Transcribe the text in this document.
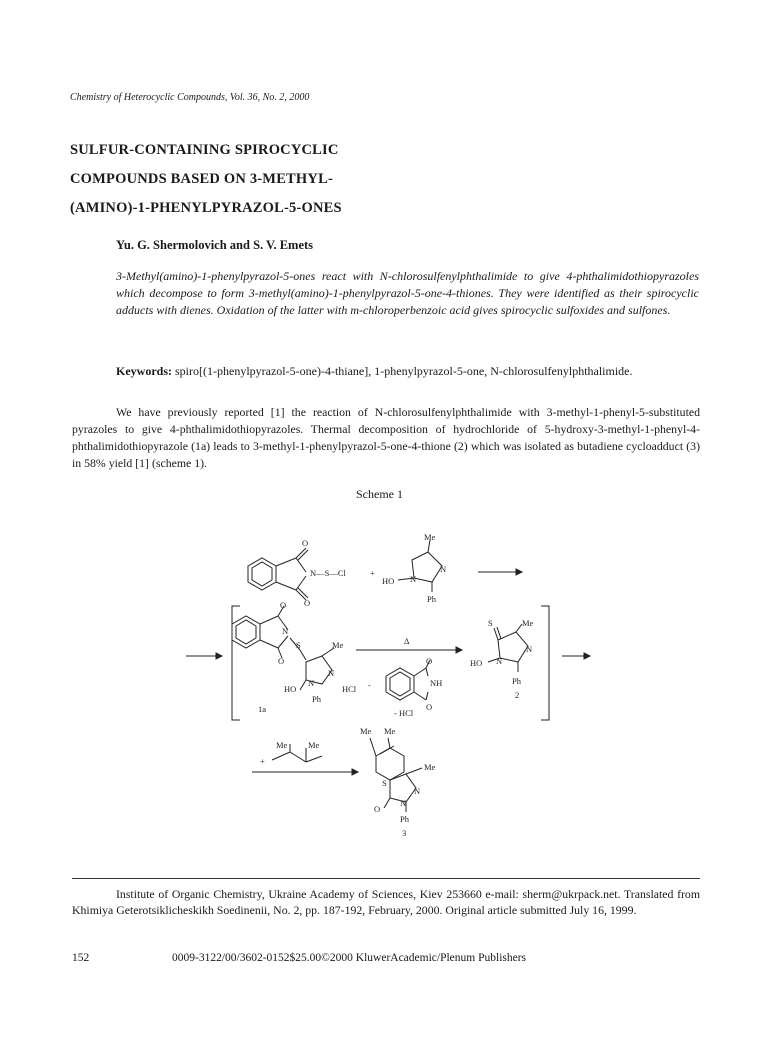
Chemistry of Heterocyclic Compounds, Vol. 36, No. 2, 2000
SULFUR-CONTAINING SPIROCYCLIC
COMPOUNDS BASED ON 3-METHYL-
(AMINO)-1-PHENYLPYRAZOL-5-ONES
Yu. G. Shermolovich and S. V. Emets
3-Methyl(amino)-1-phenylpyrazol-5-ones react with N-chlorosulfenylphthalimide to give 4-phthalimidothiopyrazoles which decompose to form 3-methyl(amino)-1-phenylpyrazol-5-one-4-thiones. They were identified as their spirocyclic adducts with dienes. Oxidation of the latter with m-chloroperbenzoic acid gives spirocyclic sulfoxides and sulfones.
Keywords: spiro[(1-phenylpyrazol-5-one)-4-thiane], 1-phenylpyrazol-5-one, N-chlorosulfenylphthalimide.
We have previously reported [1] the reaction of N-chlorosulfenylphthalimide with 3-methyl-1-phenyl-5-substituted pyrazoles to give 4-phthalimidothiopyrazoles. Thermal decomposition of hydrochloride of 5-hydroxy-3-methyl-1-phenyl-4-phthalimidothiopyrazole (1a) leads to 3-methyl-1-phenylpyrazol-5-one-4-thione (2) which was isolated as butadiene cycloadduct (3) in 58% yield [1] (scheme 1).
Scheme 1
O
N—S—Cl
O
+
Me
HO N
N
Ph
O
N
S
O
Me
HO
N
N
HCl
Ph
1a
Δ
O
NH
O
-
- HCl
S	Me
HO N
N
Ph
2
+
Me Me
Me Me
Me
S
O
N
N
Ph
3
Institute of Organic Chemistry, Ukraine Academy of Sciences, Kiev 253660 e-mail: sherm@ukrpack.net. Translated from Khimiya Geterotsiklicheskikh Soedinenii, No. 2, pp. 187-192, February, 2000. Original article submitted July 16, 1999.
152	0009-3122/00/3602-0152$25.00©2000 KluwerAcademic/Plenum Publishers
